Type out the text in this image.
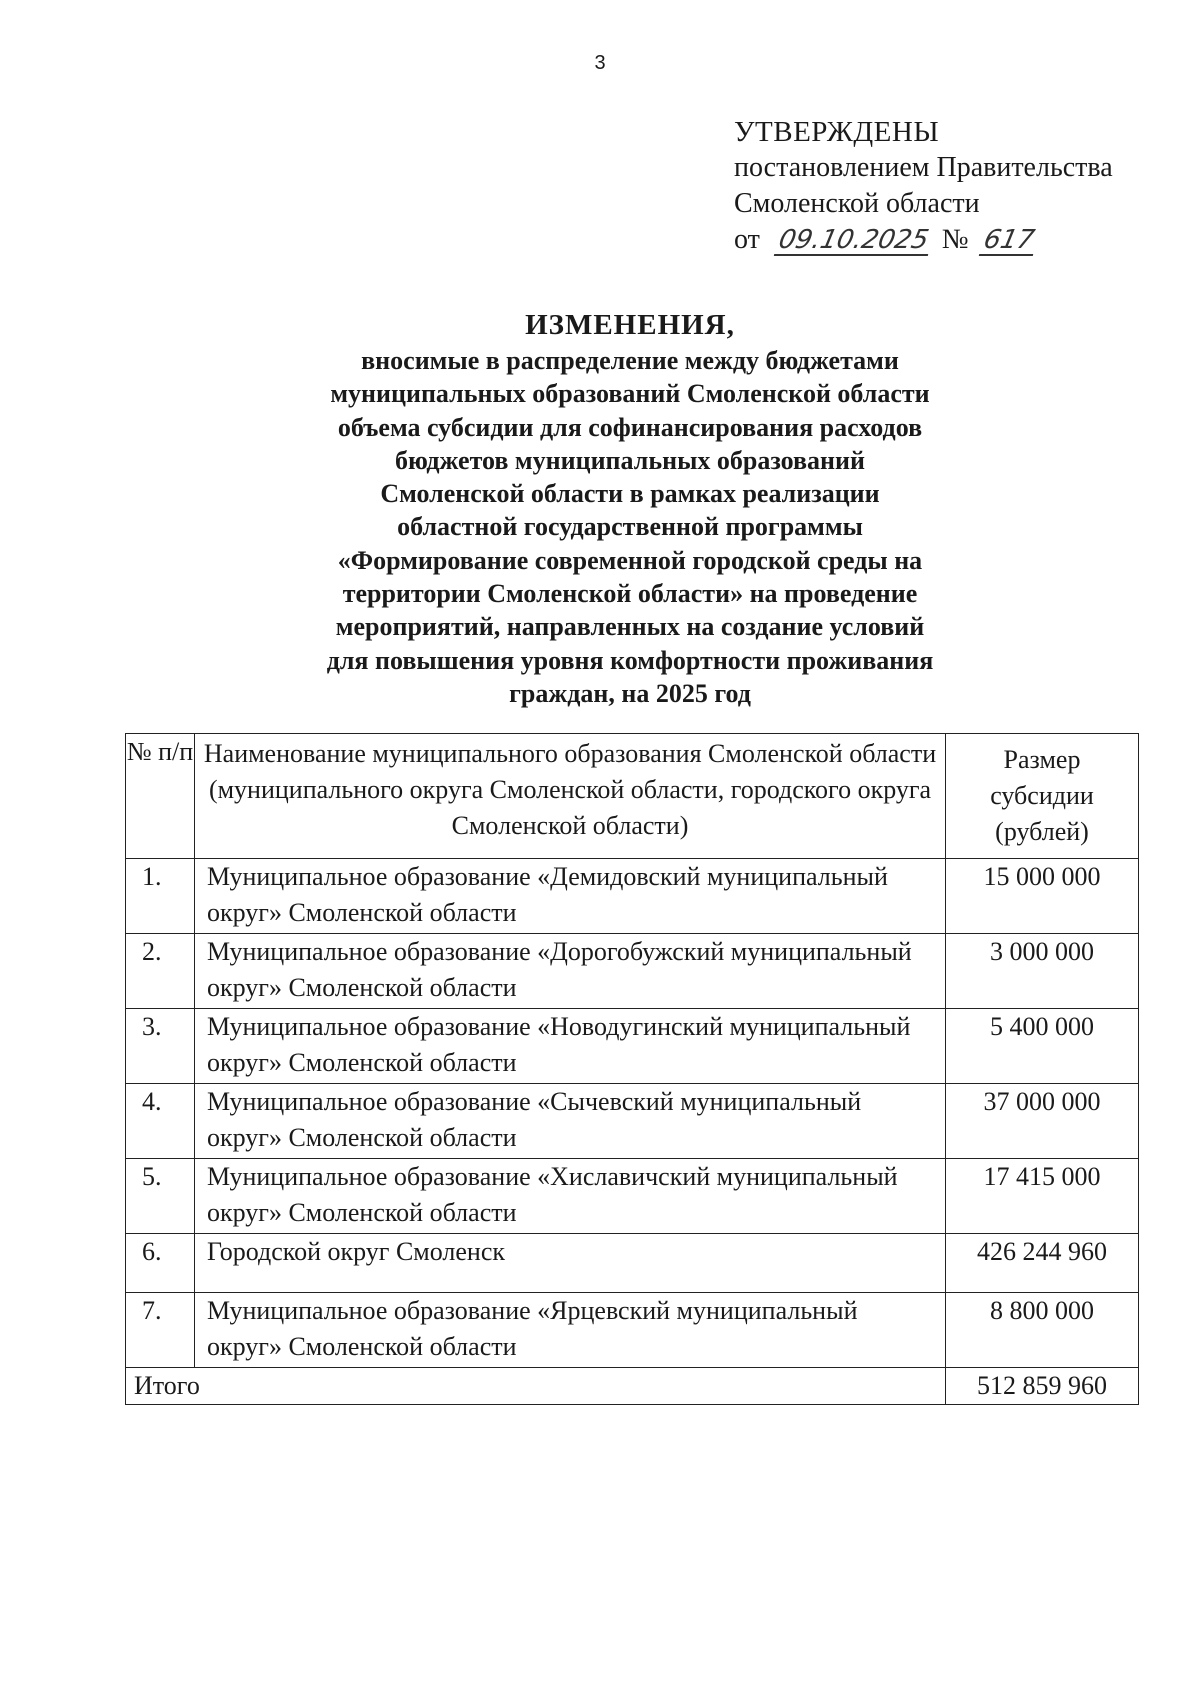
3
УТВЕРЖДЕНЫ
постановлением Правительства
Смоленской области
от 09.10.2025 № 617
ИЗМЕНЕНИЯ,
вносимые в распределение между бюджетами
муниципальных образований Смоленской области
объема субсидии для софинансирования расходов
бюджетов муниципальных образований
Смоленской области в рамках реализации
областной государственной программы
«Формирование современной городской среды на
территории Смоленской области» на проведение
мероприятий, направленных на создание условий
для повышения уровня комфортности проживания
граждан, на 2025 год
№ п/п	Наименование муниципального образования Смоленской области (муниципального округа Смоленской области, городского округа Смоленской области)	Размер субсидии (рублей)
1.	Муниципальное образование «Демидовский муниципальный округ» Смоленской области	15 000 000
2.	Муниципальное образование «Дорогобужский муниципальный округ» Смоленской области	3 000 000
3.	Муниципальное образование «Новодугинский муниципальный округ» Смоленской области	5 400 000
4.	Муниципальное образование «Сычевский муниципальный округ» Смоленской области	37 000 000
5.	Муниципальное образование «Хиславичский муниципальный округ» Смоленской области	17 415 000
6.	Городской округ Смоленск	426 244 960
7.	Муниципальное образование «Ярцевский муниципальный округ» Смоленской области	8 800 000
Итого		512 859 960
